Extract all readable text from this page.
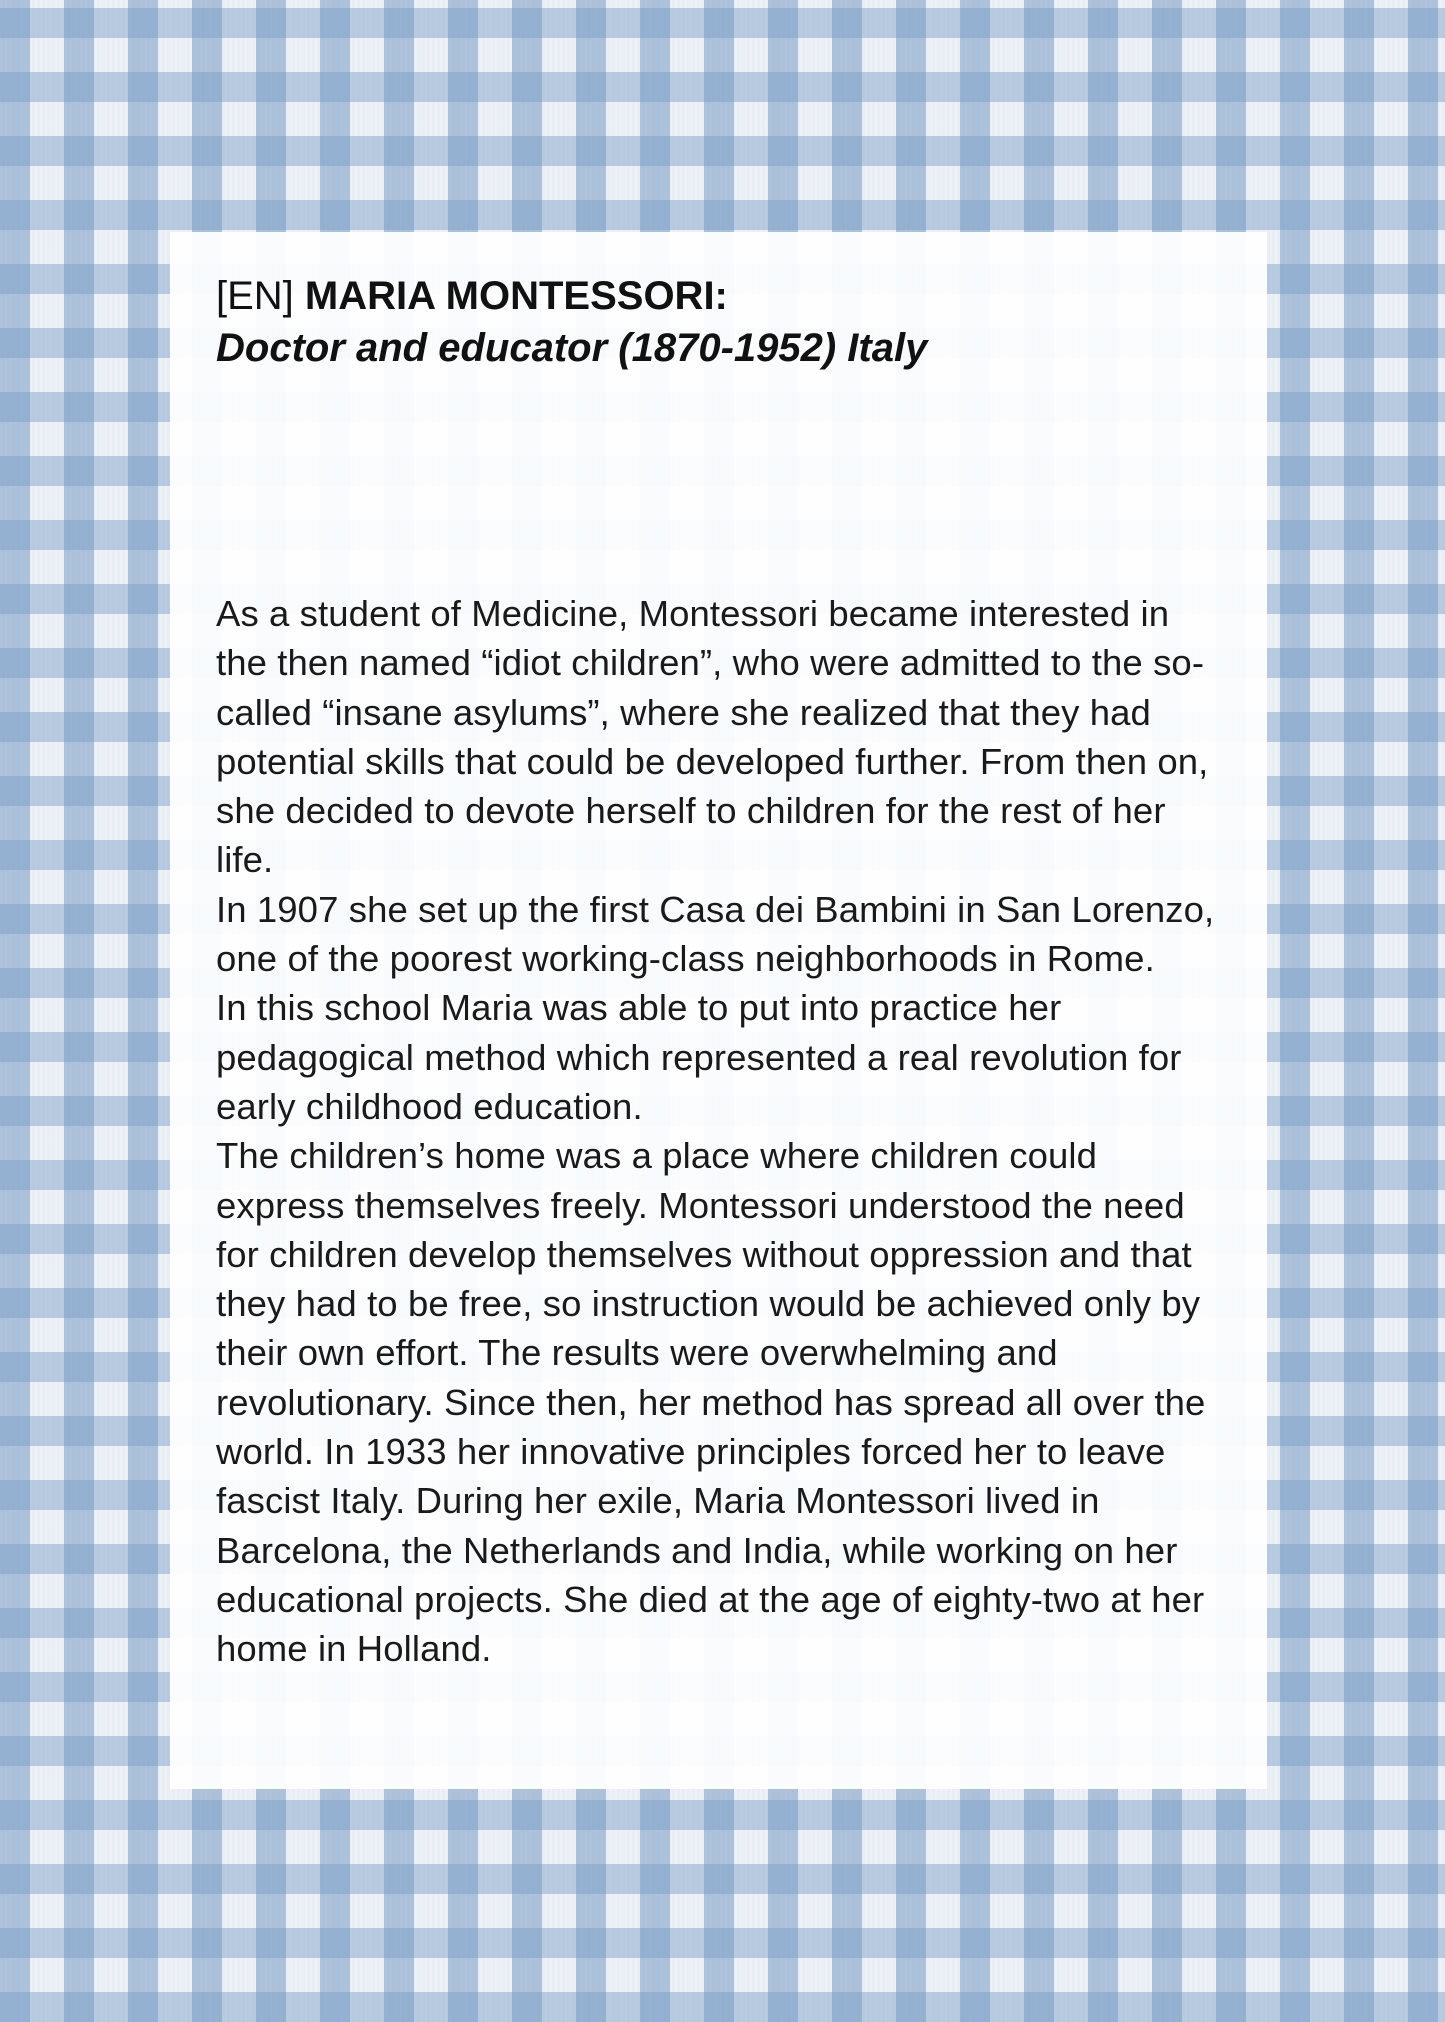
[EN] MARIA MONTESSORI:
Doctor and educator (1870-1952) Italy

As a student of Medicine, Montessori became interested in the then named “idiot children”, who were admitted to the so-called “insane asylums”, where she realized that they had potential skills that could be developed further. From then on, she decided to devote herself to children for the rest of her life.

In 1907 she set up the first Casa dei Bambini in San Lorenzo, one of the poorest working-class neighborhoods in Rome.

In this school Maria was able to put into practice her pedagogical method which represented a real revolution for early childhood education.

The children’s home was a place where children could express themselves freely. Montessori understood the need for children develop themselves without oppression and that they had to be free, so instruction would be achieved only by their own effort. The results were overwhelming and revolutionary. Since then, her method has spread all over the world. In 1933 her innovative principles forced her to leave fascist Italy. During her exile, Maria Montessori lived in Barcelona, the Netherlands and India, while working on her educational projects. She died at the age of eighty-two at her home in Holland.
